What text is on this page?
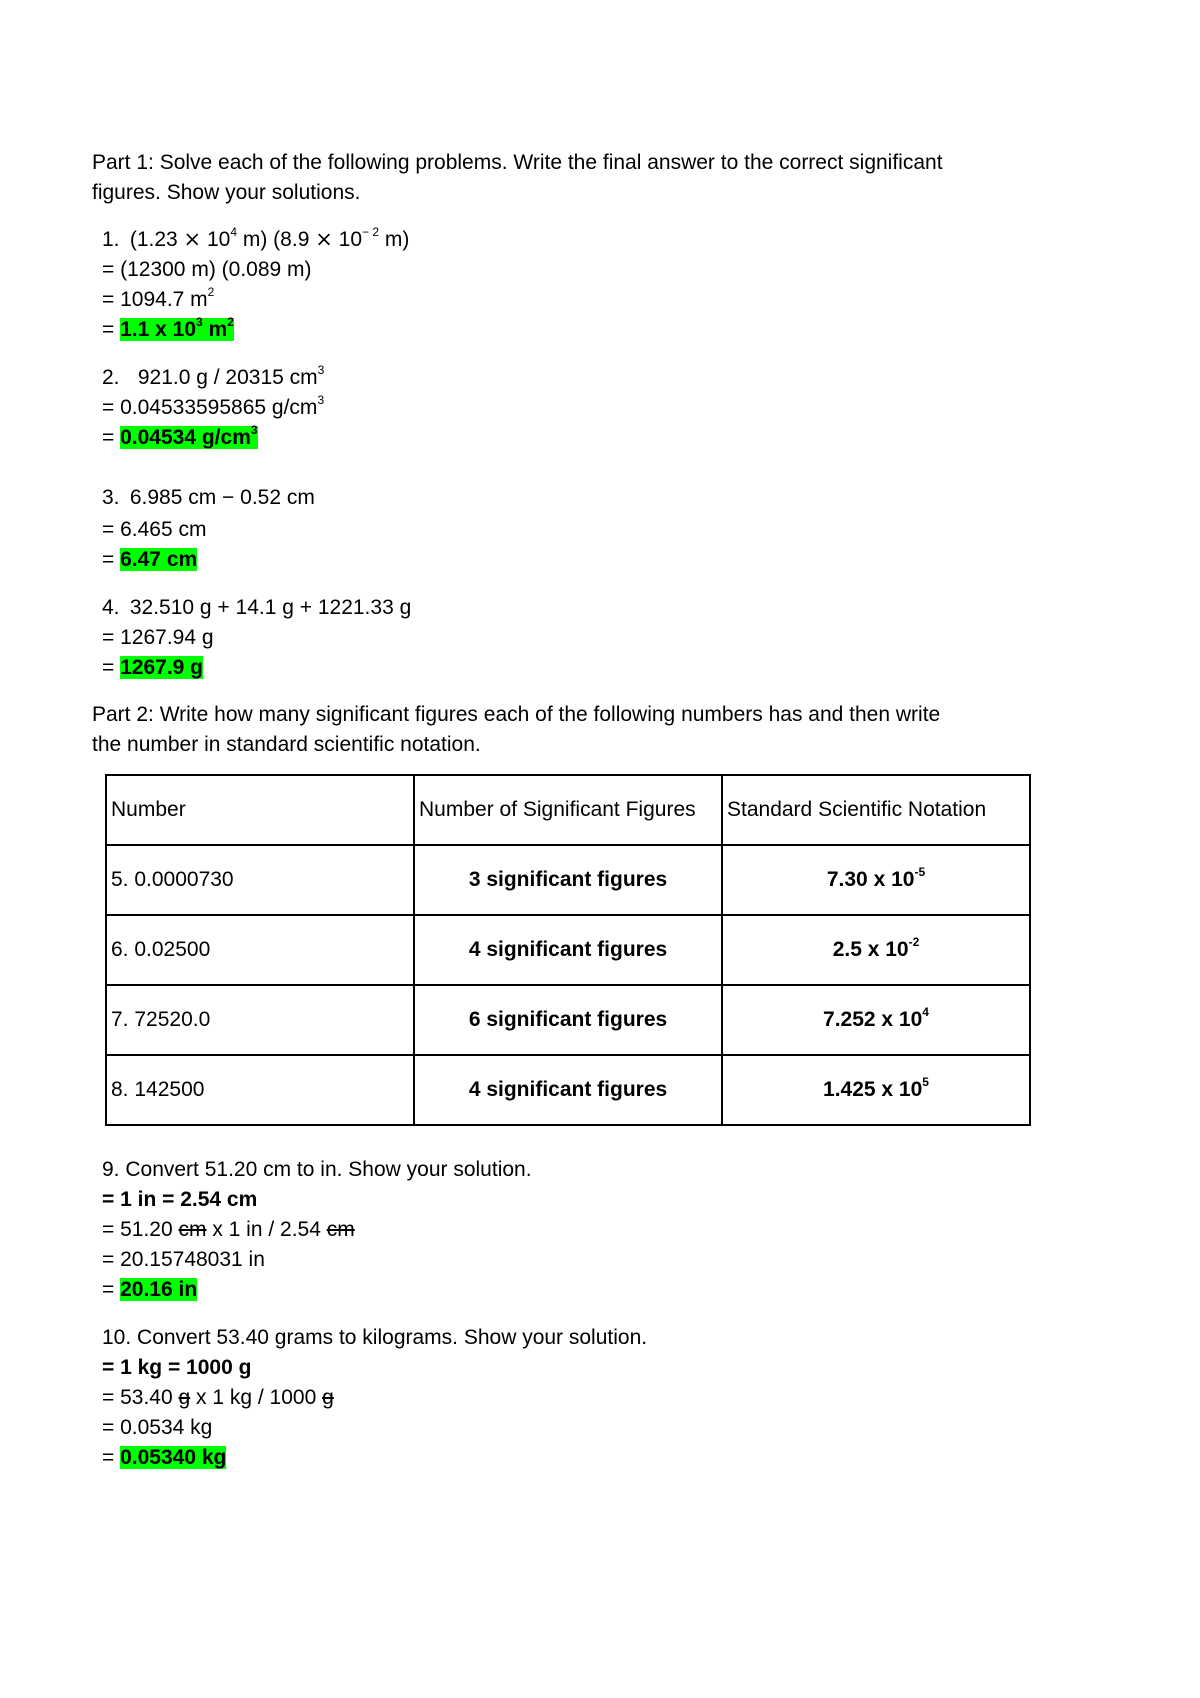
Part 1: Solve each of the following problems. Write the final answer to the correct significant
figures. Show your solutions.
1. (1.23 ⨯ $10^4$ m) (8.9 ⨯ $10^{- 2}$ m)
= (12300 m) (0.089 m)
= 1094.7 $m^2$
= 1.1 x $10^3$ $m^2$
2. 921.0 g / 20315 $cm^3$
= 0.04533595865 $g/cm^3$
= 0.04534 $g/cm^3$
3. 6.985 cm − 0.52 cm
= 6.465 cm
= 6.47 cm
4. 32.510 g + 14.1 g + 1221.33 g
= 1267.94 g
= 1267.9 g
Part 2: Write how many significant figures each of the following numbers has and then write
the number in standard scientific notation.
Number	Number of Significant Figures	Standard Scientific Notation
5. 0.0000730	3 significant figures	7.30 x $10^{-5}$
6. 0.02500	4 significant figures	2.5 x $10^{-2}$
7. 72520.0	6 significant figures	7.252 x $10^4$
8. 142500	4 significant figures	1.425 x $10^5$
9. Convert 51.20 cm to in. Show your solution.
= 1 in = 2.54 cm
= 51.20 cm x 1 in / 2.54 cm
= 20.15748031 in
= 20.16 in
10. Convert 53.40 grams to kilograms. Show your solution.
= 1 kg = 1000 g
= 53.40 g x 1 kg / 1000 g
= 0.0534 kg
= 0.05340 kg
